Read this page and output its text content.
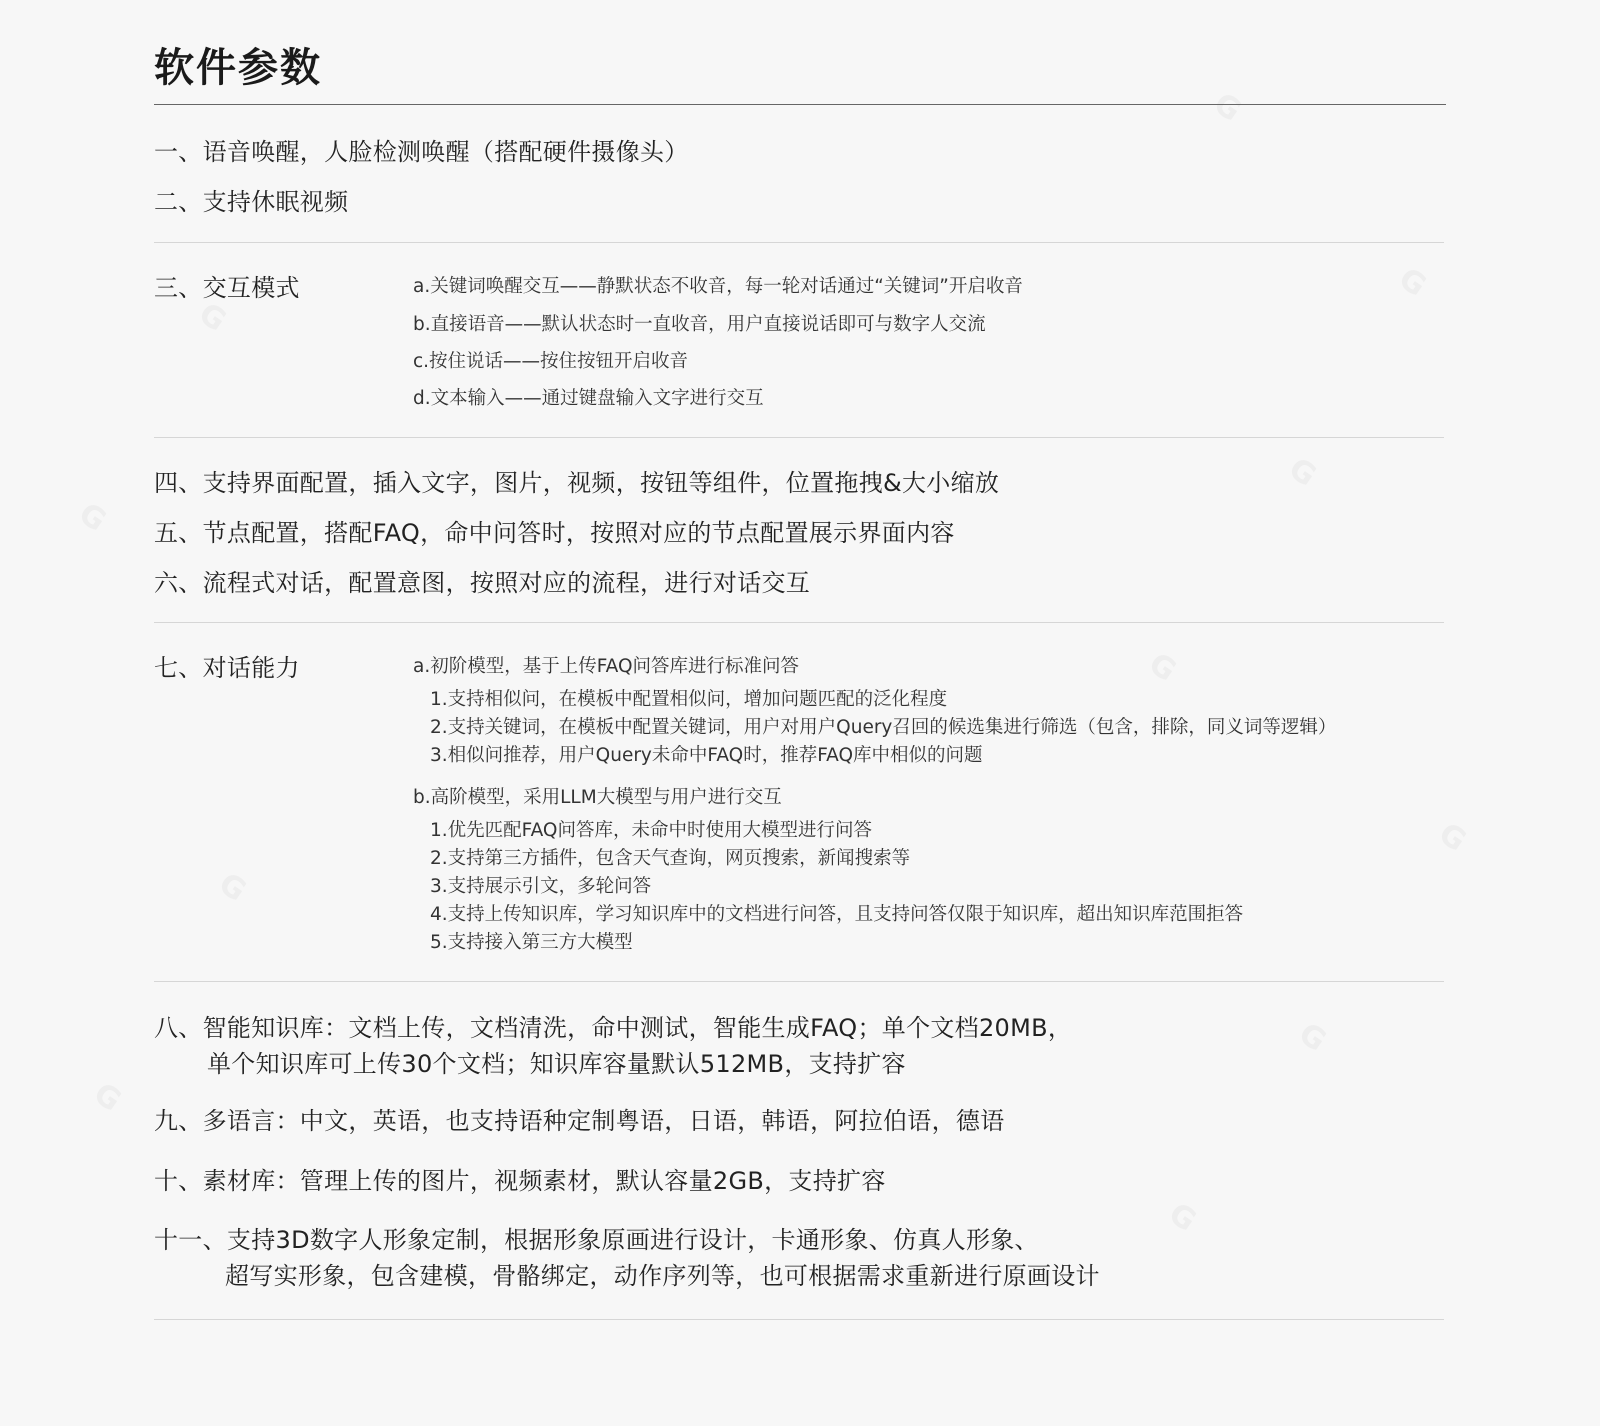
G
G
G
G
G
G
G
G
G
G
G
软件参数
一、语音唤醒，人脸检测唤醒（搭配硬件摄像头）
二、支持休眠视频
三、交互模式	a.关键词唤醒交互——静默状态不收音，每一轮对话通过“关键词”开启收音
b.直接语音——默认状态时一直收音，用户直接说话即可与数字人交流
c.按住说话——按住按钮开启收音
d.文本输入——通过键盘输入文字进行交互
四、支持界面配置，插入文字，图片，视频，按钮等组件，位置拖拽&大小缩放
五、节点配置，搭配FAQ，命中问答时，按照对应的节点配置展示界面内容
六、流程式对话，配置意图，按照对应的流程，进行对话交互
七、对话能力	a.初阶模型，基于上传FAQ问答库进行标准问答
1.支持相似问，在模板中配置相似问，增加问题匹配的泛化程度
2.支持关键词，在模板中配置关键词，用户对用户Query召回的候选集进行筛选（包含，排除，同义词等逻辑）
3.相似问推荐，用户Query未命中FAQ时，推荐FAQ库中相似的问题
b.高阶模型，采用LLM大模型与用户进行交互
1.优先匹配FAQ问答库，未命中时使用大模型进行问答
2.支持第三方插件，包含天气查询，网页搜索，新闻搜索等
3.支持展示引文，多轮问答
4.支持上传知识库，学习知识库中的文档进行问答，且支持问答仅限于知识库，超出知识库范围拒答
5.支持接入第三方大模型
八、智能知识库：文档上传，文档清洗，命中测试，智能生成FAQ；单个文档20MB，
单个知识库可上传30个文档；知识库容量默认512MB，支持扩容
九、多语言：中文，英语，也支持语种定制粤语，日语，韩语，阿拉伯语，德语
十、素材库：管理上传的图片，视频素材，默认容量2GB，支持扩容
十一、支持3D数字人形象定制，根据形象原画进行设计，卡通形象、仿真人形象、
超写实形象，包含建模，骨骼绑定，动作序列等，也可根据需求重新进行原画设计
